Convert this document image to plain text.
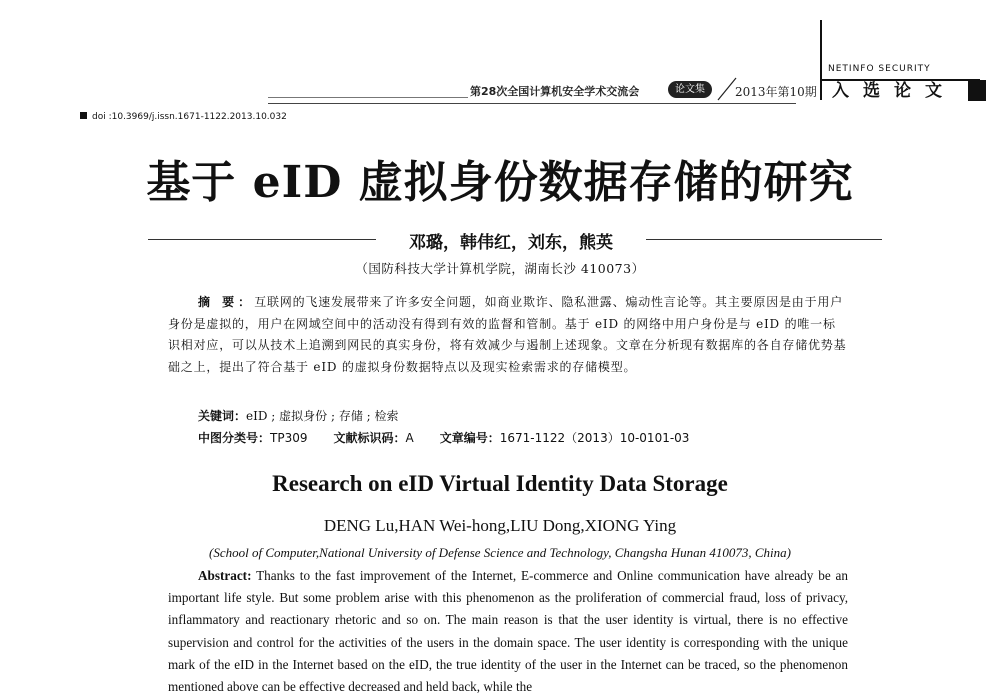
第28次全国计算机安全学术交流会	论文集	2013年第10期
NETINFO SECURITY
入选论文
doi :10.3969/j.issn.1671-1122.2013.10.032
基于 eID 虚拟身份数据存储的研究
邓璐，韩伟红，刘东，熊英
（国防科技大学计算机学院，湖南长沙 410073）

摘 要：互联网的飞速发展带来了许多安全问题，如商业欺诈、隐私泄露、煽动性言论等。其主要原因是由于用户身份是虚拟的，用户在网域空间中的活动没有得到有效的监督和管制。基于 eID 的网络中用户身份是与 eID 的唯一标识相对应，可以从技术上追溯到网民的真实身份，将有效减少与遏制上述现象。文章在分析现有数据库的各自存储优势基础之上，提出了符合基于 eID 的虚拟身份数据特点以及现实检索需求的存储模型。

关键词：eID ; 虚拟身份 ; 存储 ; 检索
中图分类号：TP309 文献标识码：A 文章编号：1671-1122（2013）10-0101-03
Research on eID Virtual Identity Data Storage
DENG Lu,HAN Wei-hong,LIU Dong,XIONG Ying
(School of Computer,National University of Defense Science and Technology, Changsha Hunan 410073, China)

Abstract: Thanks to the fast improvement of the Internet, E-commerce and Online communication have already be an important life style. But some problem arise with this phenomenon as the proliferation of commercial fraud, loss of privacy, inflammatory and reactionary rhetoric and so on. The main reason is that the user identity is virtual, there is no effective supervision and control for the activities of the users in the domain space. The user identity is corresponding with the unique mark of the eID in the Internet based on the eID, the true identity of the user in the Internet can be traced, so the phenomenon mentioned above can be effective decreased and held back, while the
